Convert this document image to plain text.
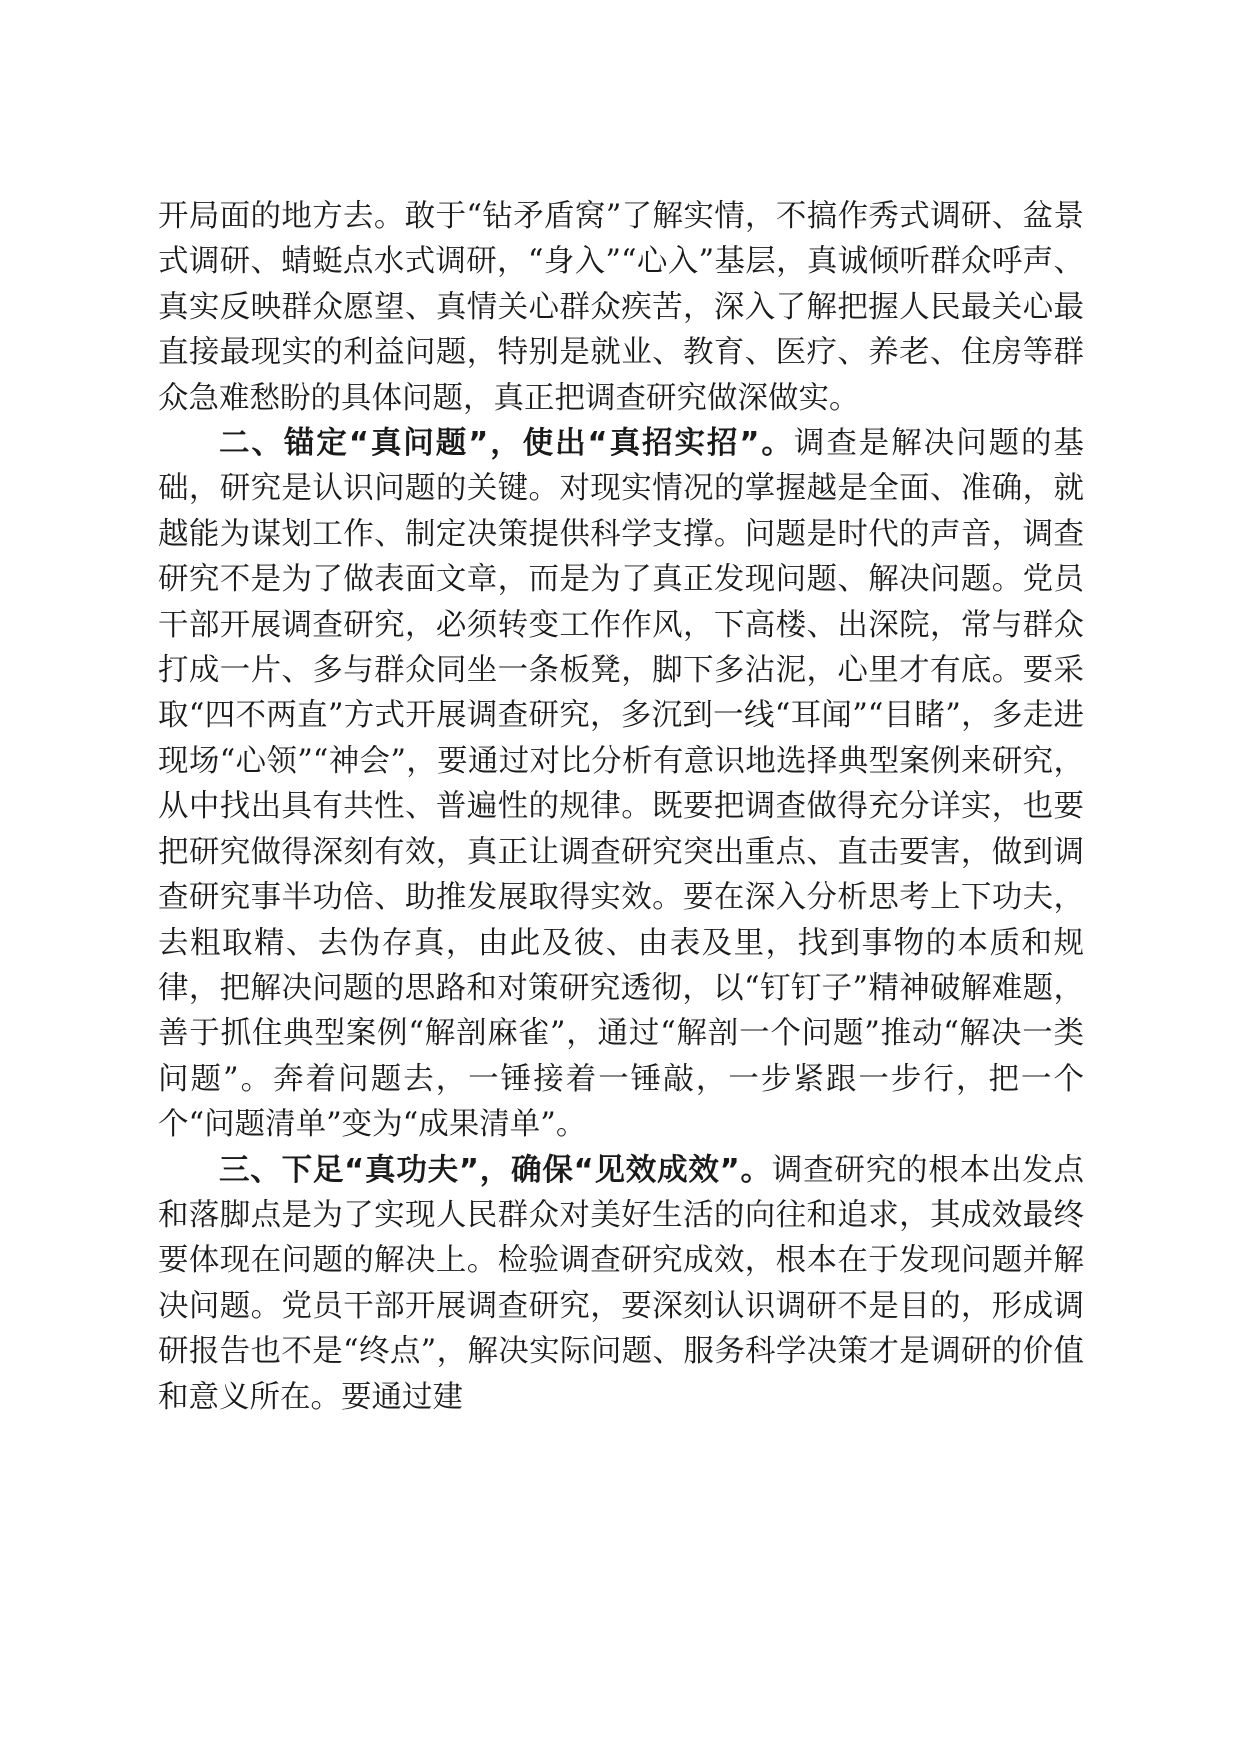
开局面的地方去。敢于“钻矛盾窝”了解实情，不搞作秀式调研、盆景式调研、蜻蜓点水式调研，“身入”“心入”基层，真诚倾听群众呼声、真实反映群众愿望、真情关心群众疾苦，深入了解把握人民最关心最直接最现实的利益问题，特别是就业、教育、医疗、养老、住房等群众急难愁盼的具体问题，真正把调查研究做深做实。

二、锚定“真问题”，使出“真招实招”。调查是解决问题的基础，研究是认识问题的关键。对现实情况的掌握越是全面、准确，就越能为谋划工作、制定决策提供科学支撑。问题是时代的声音，调查研究不是为了做表面文章，而是为了真正发现问题、解决问题。党员干部开展调查研究，必须转变工作作风，下高楼、出深院，常与群众打成一片、多与群众同坐一条板凳，脚下多沾泥，心里才有底。要采取“四不两直”方式开展调查研究，多沉到一线“耳闻”“目睹”，多走进现场“心领”“神会”，要通过对比分析有意识地选择典型案例来研究，从中找出具有共性、普遍性的规律。既要把调查做得充分详实，也要把研究做得深刻有效，真正让调查研究突出重点、直击要害，做到调查研究事半功倍、助推发展取得实效。要在深入分析思考上下功夫，去粗取精、去伪存真，由此及彼、由表及里，找到事物的本质和规律，把解决问题的思路和对策研究透彻，以“钉钉子”精神破解难题，善于抓住典型案例“解剖麻雀”，通过“解剖一个问题”推动“解决一类问题”。奔着问题去，一锤接着一锤敲，一步紧跟一步行，把一个个“问题清单”变为“成果清单”。

三、下足“真功夫”，确保“见效成效”。调查研究的根本出发点和落脚点是为了实现人民群众对美好生活的向往和追求，其成效最终要体现在问题的解决上。检验调查研究成效，根本在于发现问题并解决问题。党员干部开展调查研究，要深刻认识调研不是目的，形成调研报告也不是“终点”，解决实际问题、服务科学决策才是调研的价值和意义所在。要通过建
